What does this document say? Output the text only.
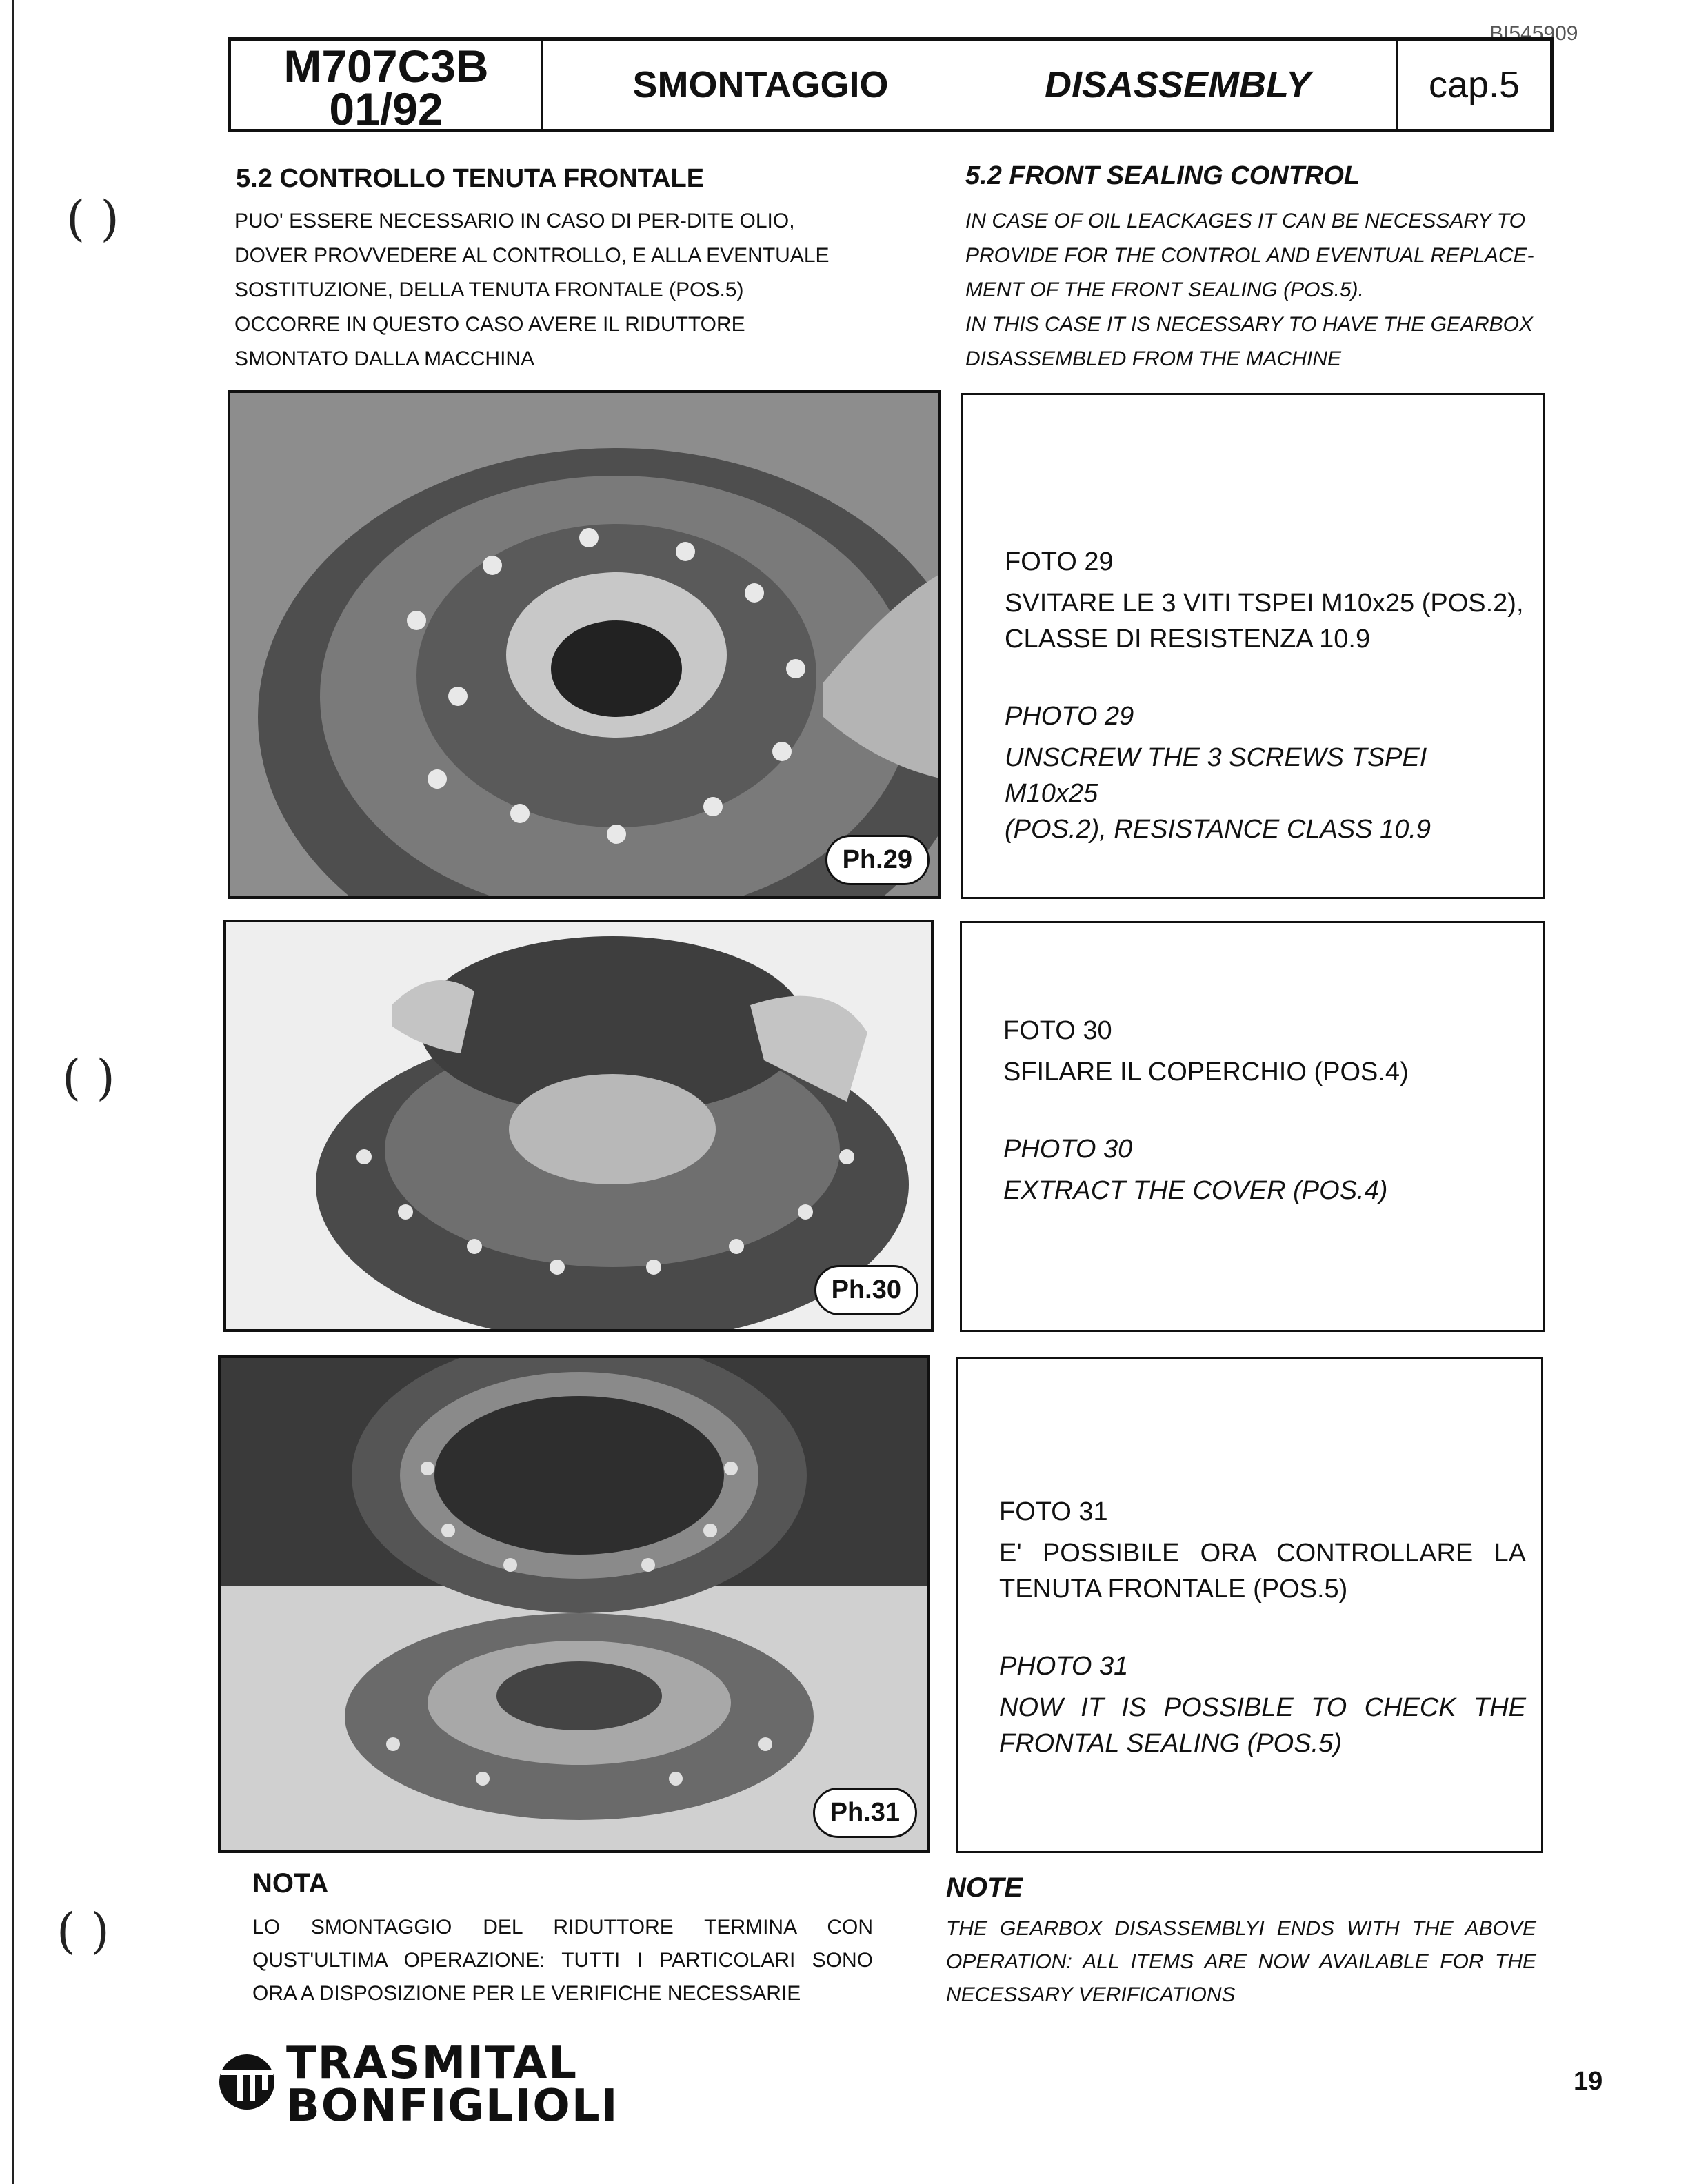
( )
( )
( )
BI545909
M707C3B
01/92	SMONTAGGIO	DISASSEMBLY	cap.5
5.2 CONTROLLO TENUTA FRONTALE	5.2 FRONT SEALING CONTROL

PUO' ESSERE NECESSARIO IN CASO DI PER-DITE OLIO,

DOVER PROVVEDERE AL CONTROLLO, E ALLA EVENTUALE

SOSTITUZIONE, DELLA TENUTA FRONTALE (POS.5)

OCCORRE IN QUESTO CASO AVERE IL RIDUTTORE

SMONTATO DALLA MACCHINA

IN CASE OF OIL LEACKAGES IT CAN BE NECESSARY TO

PROVIDE FOR THE CONTROL AND EVENTUAL REPLACE-

MENT OF THE FRONT SEALING (POS.5).

IN THIS CASE IT IS NECESSARY TO HAVE THE GEARBOX

DISASSEMBLED FROM THE MACHINE

Ph.29
FOTO 29
SVITARE LE 3 VITI TSPEI M10x25 (POS.2),
CLASSE DI RESISTENZA 10.9
PHOTO 29
UNSCREW THE 3 SCREWS TSPEI M10x25
(POS.2), RESISTANCE CLASS 10.9
Ph.30
FOTO 30
SFILARE IL COPERCHIO (POS.4)
PHOTO 30
EXTRACT THE COVER (POS.4)
Ph.31
FOTO 31
E' POSSIBILE ORA CONTROLLARE LA
TENUTA FRONTALE (POS.5)
PHOTO 31
NOW IT IS POSSIBLE TO CHECK THE
FRONTAL SEALING (POS.5)
NOTA	NOTE

LO SMONTAGGIO DEL RIDUTTORE TERMINA CON

QUST'ULTIMA OPERAZIONE: TUTTI I PARTICOLARI SONO

ORA A DISPOSIZIONE PER LE VERIFICHE NECESSARIE

THE GEARBOX DISASSEMBLYI ENDS WITH THE ABOVE

OPERATION: ALL ITEMS ARE NOW AVAILABLE FOR THE

NECESSARY VERIFICATIONS

TRASMITAL
BONFIGLIOLI	19
